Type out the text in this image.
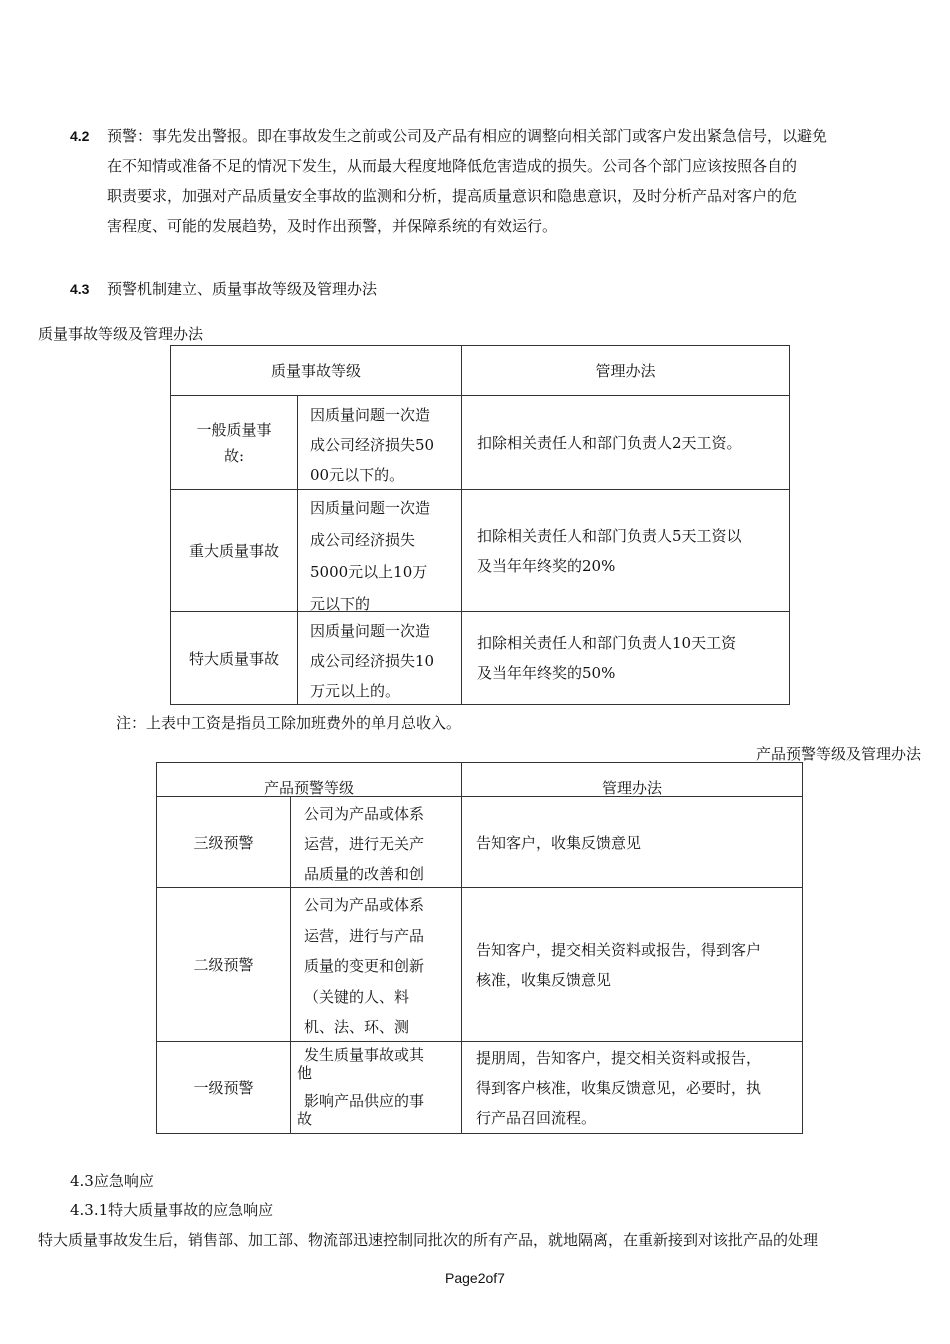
4.2 预警：事先发出警报。即在事故发生之前或公司及产品有相应的调整向相关部门或客户发出紧急信号，以避免
在不知情或准备不足的情况下发生，从而最大程度地降低危害造成的损失。公司各个部门应该按照各自的
职责要求，加强对产品质量安全事故的监测和分析，提高质量意识和隐患意识，及时分析产品对客户的危
害程度、可能的发展趋势，及时作出预警，并保障系统的有效运行。
4.3 预警机制建立、质量事故等级及管理办法
质量事故等级及管理办法
质量事故等级	管理办法
一般质量事故:
因质量问题一次造
成公司经济损失50
00元以下的。
扣除相关责任人和部门负责人2天工资。
重大质量事故
因质量问题一次造
成公司经济损失
5000元以上10万
元以下的
扣除相关责任人和部门负责人5天工资以
及当年年终奖的20%
特大质量事故
因质量问题一次造
成公司经济损失10
万元以上的。
扣除相关责任人和部门负责人10天工资
及当年年终奖的50%
注：上表中工资是指员工除加班费外的单月总收入。
产品预警等级及管理办法
产品预警等级	管理办法
三级预警
公司为产品或体系
运营，进行无关产
品质量的改善和创
告知客户，收集反馈意见
二级预警
公司为产品或体系
运营，进行与产品
质量的变更和创新
（关键的人、料
机、法、环、测
告知客户，提交相关资料或报告，得到客户
核准，收集反馈意见
一级预警
发生质量事故或其
他
影响产品供应的事
故
提朋周，告知客户，提交相关资料或报告，
得到客户核准，收集反馈意见，必要时，执
行产品召回流程。
4.3应急响应
4.3.1特大质量事故的应急响应
特大质量事故发生后，销售部、加工部、物流部迅速控制同批次的所有产品，就地隔离，在重新接到对该批产品的处理
Page2of7
